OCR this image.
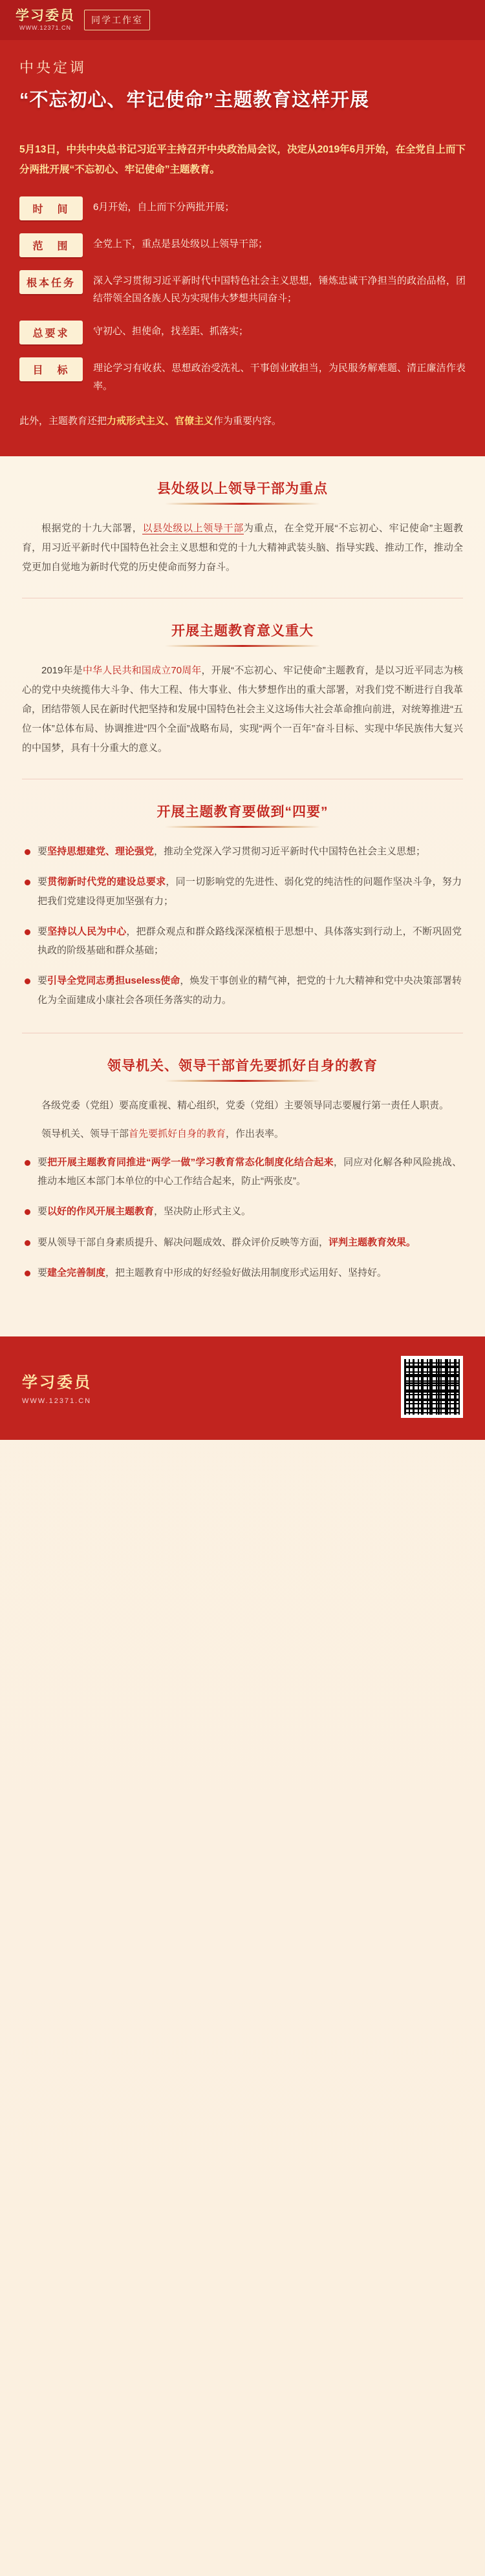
学习委员
WWW.12371.CN
同学工作室
中央定调
“不忘初心、牢记使命”主题教育这样开展
5月13日，中共中央总书记习近平主持召开中央政治局会议，决定从2019年6月开始，在全党自上而下分两批开展“不忘初心、牢记使命”主题教育。
时　间	6月开始，自上而下分两批开展；
范　围	全党上下，重点是县处级以上领导干部；
根本任务	深入学习贯彻习近平新时代中国特色社会主义思想，锤炼忠诚干净担当的政治品格，团结带领全国各族人民为实现伟大梦想共同奋斗；
总要求	守初心、担使命，找差距、抓落实；
目　标	理论学习有收获、思想政治受洗礼、干事创业敢担当，为民服务解难题、清正廉洁作表率。
此外，主题教育还把力戒形式主义、官僚主义作为重要内容。
县处级以上领导干部为重点

根据党的十九大部署，以县处级以上领导干部为重点，在全党开展“不忘初心、牢记使命”主题教育，用习近平新时代中国特色社会主义思想和党的十九大精神武装头脑、指导实践、推动工作，推动全党更加自觉地为新时代党的历史使命而努力奋斗。

开展主题教育意义重大

2019年是中华人民共和国成立70周年，开展“不忘初心、牢记使命”主题教育，是以习近平同志为核心的党中央统揽伟大斗争、伟大工程、伟大事业、伟大梦想作出的重大部署，对我们党不断进行自我革命，团结带领人民在新时代把坚持和发展中国特色社会主义这场伟大社会革命推向前进，对统筹推进“五位一体”总体布局、协调推进“四个全面”战略布局，实现“两个一百年”奋斗目标、实现中华民族伟大复兴的中国梦，具有十分重大的意义。

开展主题教育要做到“四要”
要坚持思想建党、理论强党，推动全党深入学习贯彻习近平新时代中国特色社会主义思想；
要贯彻新时代党的建设总要求，同一切影响党的先进性、弱化党的纯洁性的问题作坚决斗争，努力把我们党建设得更加坚强有力；
要坚持以人民为中心，把群众观点和群众路线深深植根于思想中、具体落实到行动上，不断巩固党执政的阶级基础和群众基础；
要引导全党同志勇担useless使命，焕发干事创业的精气神，把党的十九大精神和党中央决策部署转化为全面建成小康社会各项任务落实的动力。
领导机关、领导干部首先要抓好自身的教育

各级党委（党组）要高度重视、精心组织，党委（党组）主要领导同志要履行第一责任人职责。

领导机关、领导干部首先要抓好自身的教育，作出表率。

要把开展主题教育同推进“两学一做”学习教育常态化制度化结合起来，同应对化解各种风险挑战、推动本地区本部门本单位的中心工作结合起来，防止“两张皮”。
要以好的作风开展主题教育，坚决防止形式主义。
要从领导干部自身素质提升、解决问题成效、群众评价反映等方面，评判主题教育效果。
要建全完善制度，把主题教育中形成的好经验好做法用制度形式运用好、坚持好。
学习委员
WWW.12371.CN
